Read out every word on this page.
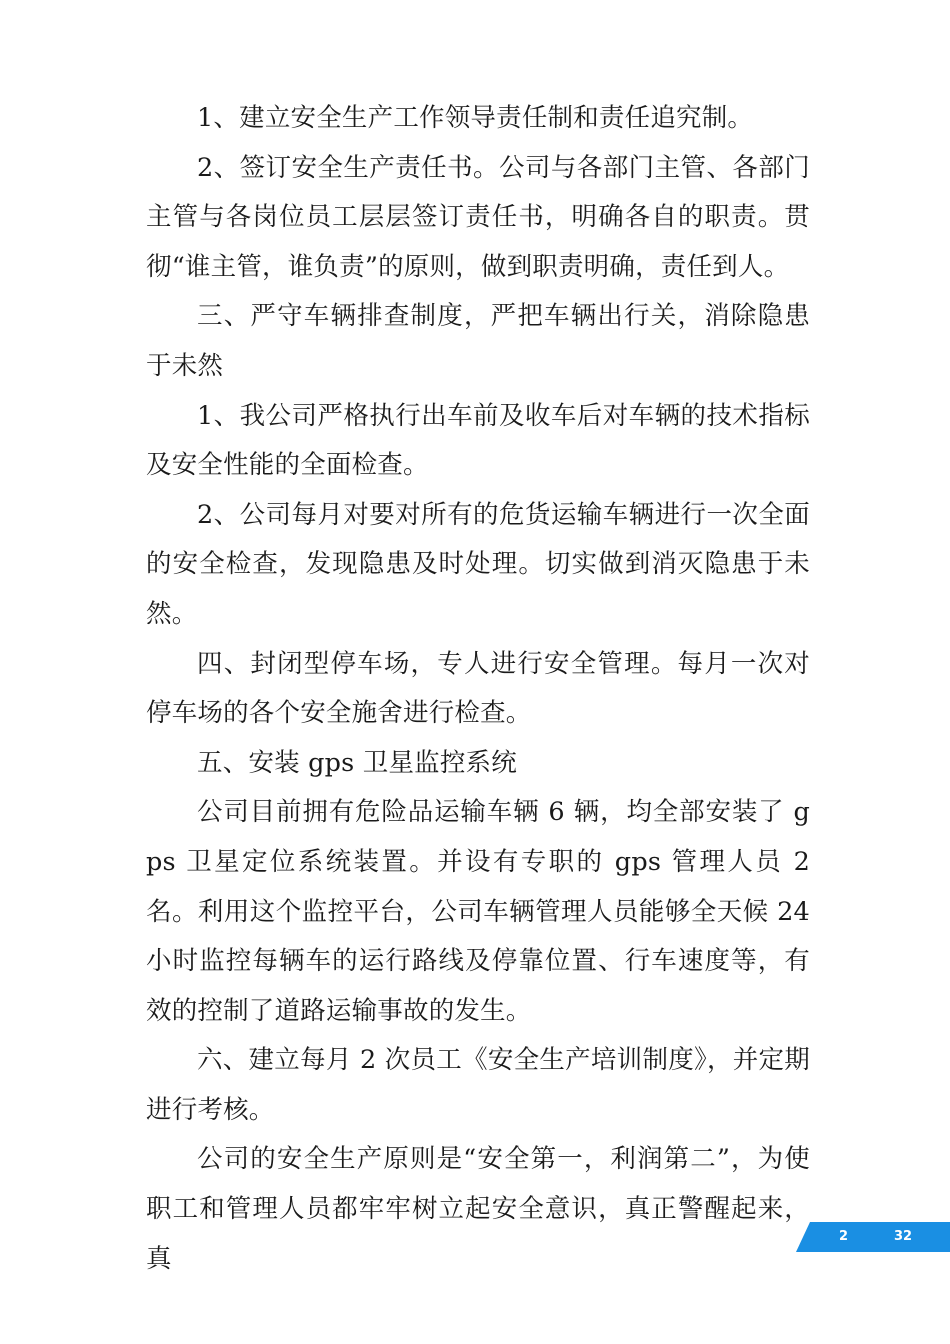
1、建立安全生产工作领导责任制和责任追究制。

2、签订安全生产责任书。公司与各部门主管、各部门主管与各岗位员工层层签订责任书，明确各自的职责。贯彻“谁主管，谁负责”的原则，做到职责明确，责任到人。

三、严守车辆排查制度，严把车辆出行关，消除隐患于未然

1、我公司严格执行出车前及收车后对车辆的技术指标及安全性能的全面检查。

2、公司每月对要对所有的危货运输车辆进行一次全面的安全检查，发现隐患及时处理。切实做到消灭隐患于未然。

四、封闭型停车场，专人进行安全管理。每月一次对停车场的各个安全施舍进行检查。

五、安装 gps 卫星监控系统

公司目前拥有危险品运输车辆 6 辆，均全部安装了 gps 卫星定位系统装置。并设有专职的 gps 管理人员 2 名。利用这个监控平台，公司车辆管理人员能够全天候 24 小时监控每辆车的运行路线及停靠位置、行车速度等，有效的控制了道路运输事故的发生。

六、建立每月 2 次员工《安全生产培训制度》，并定期进行考核。

公司的安全生产原则是“安全第一，利润第二”，为使职工和管理人员都牢牢树立起安全意识，真正警醒起来，真

2	32
